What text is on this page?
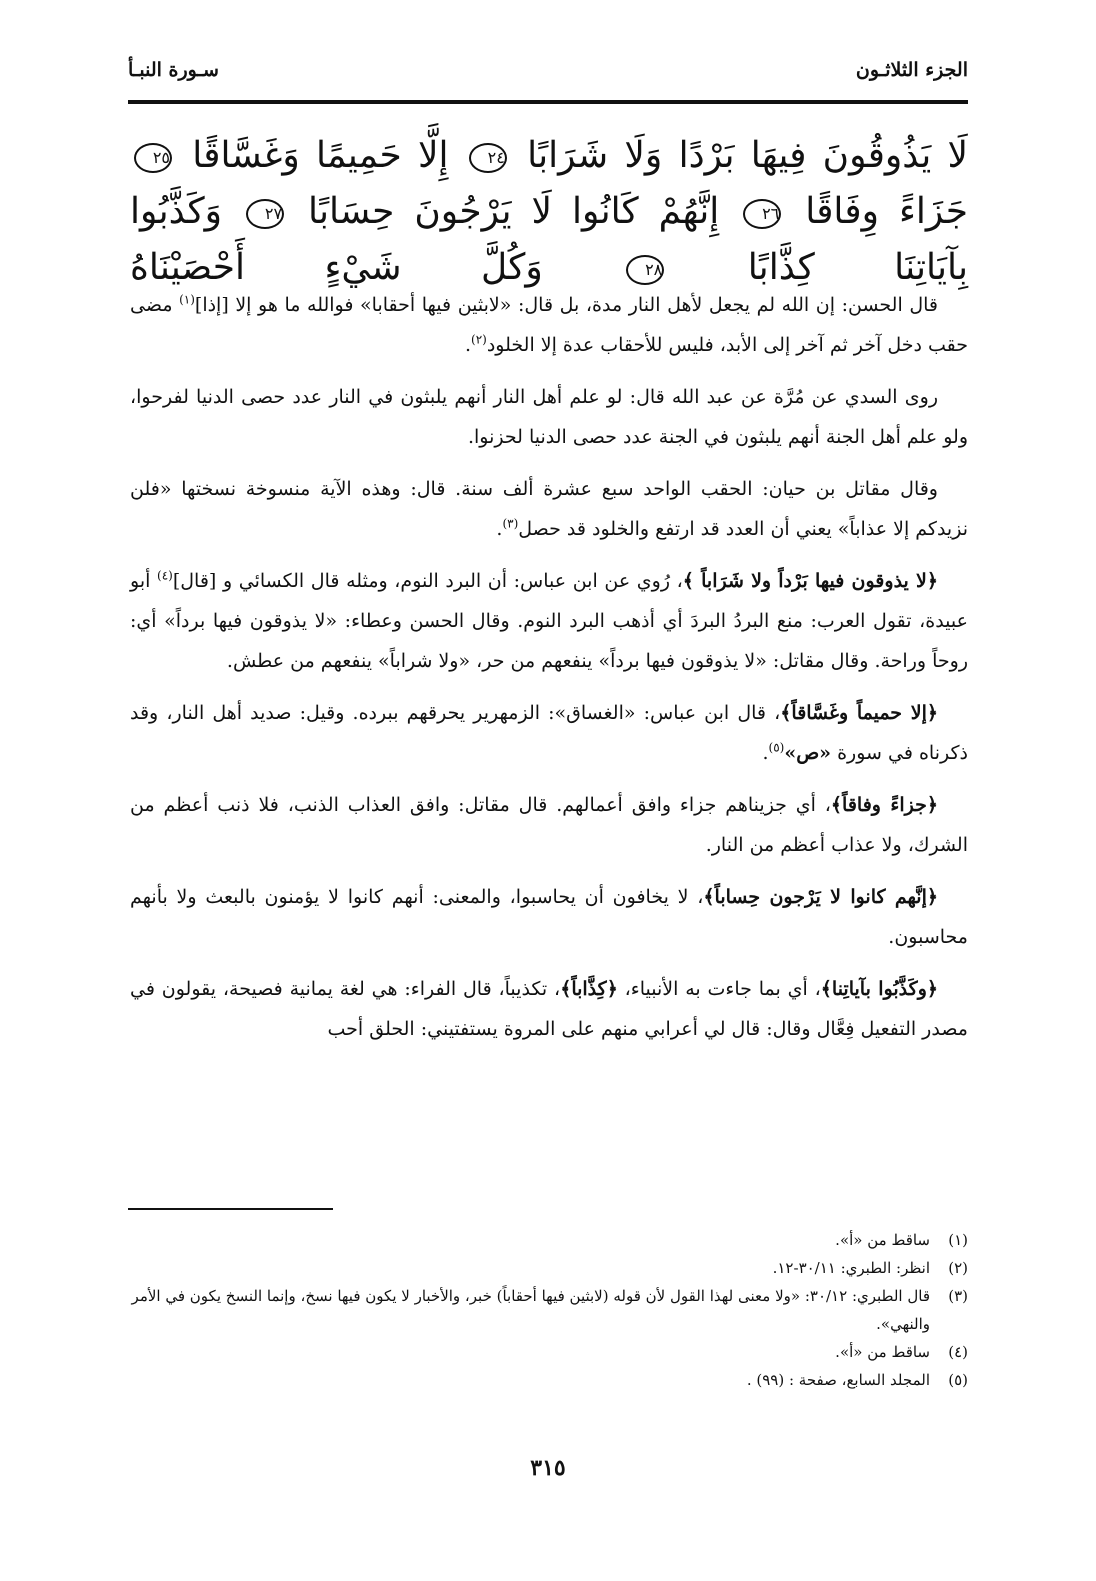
الجزء الثلاثـون
سـورة النبـأ
لَا يَذُوقُونَ فِيهَا بَرْدًا وَلَا شَرَابًا ٢٤ إِلَّا حَمِيمًا وَغَسَّاقًا ٢٥ جَزَاءً وِفَاقًا ٢٦ إِنَّهُمْ كَانُوا لَا يَرْجُونَ حِسَابًا ٢٧ وَكَذَّبُوا بِآيَاتِنَا كِذَّابًا ٢٨ وَكُلَّ شَيْءٍ أَحْصَيْنَاهُ

قال الحسن: إن الله لم يجعل لأهل النار مدة، بل قال: «لابثين فيها أحقابا» فوالله ما هو إلا [إذا]$^{(١)}$ مضى حقب دخل آخر ثم آخر إلى الأبد، فليس للأحقاب عدة إلا الخلود$^{(٢)}$.

روى السدي عن مُرَّة عن عبد الله قال: لو علم أهل النار أنهم يلبثون في النار عدد حصى الدنيا لفرحوا، ولو علم أهل الجنة أنهم يلبثون في الجنة عدد حصى الدنيا لحزنوا.

وقال مقاتل بن حيان: الحقب الواحد سبع عشرة ألف سنة. قال: وهذه الآية منسوخة نسختها «فلن نزيدكم إلا عذاباً» يعني أن العدد قد ارتفع والخلود قد حصل$^{(٣)}$.

﴿لا يذوقون فيها بَرْداً ولا شَرَاباً ﴾، رُوي عن ابن عباس: أن البرد النوم، ومثله قال الكسائي و [قال]$^{(٤)}$ أبو عبيدة، تقول العرب: منع البردُ البردَ أي أذهب البرد النوم. وقال الحسن وعطاء: «لا يذوقون فيها برداً» أي: روحاً وراحة. وقال مقاتل: «لا يذوقون فيها برداً» ينفعهم من حر، «ولا شراباً» ينفعهم من عطش.

﴿إلا حميماً وغَسَّاقاً﴾، قال ابن عباس: «الغساق»: الزمهرير يحرقهم ببرده. وقيل: صديد أهل النار، وقد ذكرناه في سورة «ص»$^{(٥)}$.

﴿جزاءً وفاقاً﴾، أي جزيناهم جزاء وافق أعمالهم. قال مقاتل: وافق العذاب الذنب، فلا ذنب أعظم من الشرك، ولا عذاب أعظم من النار.

﴿إنَّهم كانوا لا يَرْجون حِساباً﴾، لا يخافون أن يحاسبوا، والمعنى: أنهم كانوا لا يؤمنون بالبعث ولا بأنهم محاسبون.

﴿وكَذَّبُوا بآياتِنا﴾، أي بما جاءت به الأنبياء، ﴿كِذَّاباً﴾، تكذيباً، قال الفراء: هي لغة يمانية فصيحة، يقولون في مصدر التفعيل فِعَّال وقال: قال لي أعرابي منهم على المروة يستفتيني: الحلق أحب

(١)
ساقط من «أ».
(٢)
انظر: الطبري: ٣٠/١١-١٢.
(٣)
قال الطبري: ٣٠/١٢: «ولا معنى لهذا القول لأن قوله (لابثين فيها أحقاباً) خبر، والأخبار لا يكون فيها نسخ، وإنما النسخ يكون في الأمر والنهي».
(٤)
ساقط من «أ».
(٥)
المجلد السابع، صفحة : (٩٩) .
٣١٥
